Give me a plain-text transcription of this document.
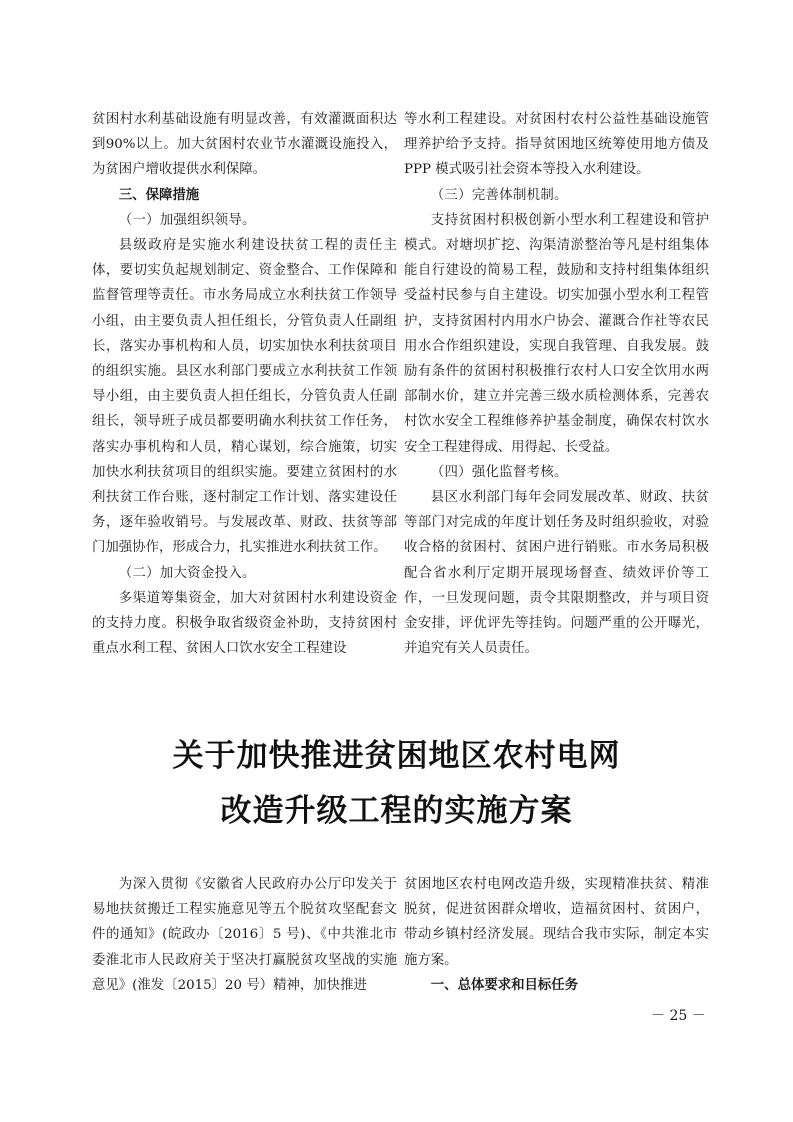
贫困村水利基础设施有明显改善，有效灌溉面积达到90%以上。加大贫困村农业节水灌溉设施投入，为贫困户增收提供水利保障。

三、保障措施

（一）加强组织领导。

县级政府是实施水利建设扶贫工程的责任主体，要切实负起规划制定、资金整合、工作保障和监督管理等责任。市水务局成立水利扶贫工作领导小组，由主要负责人担任组长，分管负责人任副组长，落实办事机构和人员，切实加快水利扶贫项目的组织实施。县区水利部门要成立水利扶贫工作领导小组，由主要负责人担任组长，分管负责人任副组长，领导班子成员都要明确水利扶贫工作任务，落实办事机构和人员，精心谋划，综合施策，切实加快水利扶贫项目的组织实施。要建立贫困村的水利扶贫工作台账，逐村制定工作计划、落实建设任务，逐年验收销号。与发展改革、财政、扶贫等部门加强协作，形成合力，扎实推进水利扶贫工作。

（二）加大资金投入。

多渠道筹集资金，加大对贫困村水利建设资金的支持力度。积极争取省级资金补助，支持贫困村重点水利工程、贫困人口饮水安全工程建设

等水利工程建设。对贫困村农村公益性基础设施管理养护给予支持。指导贫困地区统筹使用地方债及 PPP 模式吸引社会资本等投入水利建设。

（三）完善体制机制。

支持贫困村积极创新小型水利工程建设和管护模式。对塘坝扩挖、沟渠清淤整治等凡是村组集体能自行建设的简易工程，鼓励和支持村组集体组织受益村民参与自主建设。切实加强小型水利工程管护，支持贫困村内用水户协会、灌溉合作社等农民用水合作组织建设，实现自我管理、自我发展。鼓励有条件的贫困村积极推行农村人口安全饮用水两部制水价，建立并完善三级水质检测体系，完善农村饮水安全工程维修养护基金制度，确保农村饮水安全工程建得成、用得起、长受益。

（四）强化监督考核。

县区水利部门每年会同发展改革、财政、扶贫等部门对完成的年度计划任务及时组织验收，对验收合格的贫困村、贫困户进行销账。市水务局积极配合省水利厅定期开展现场督查、绩效评价等工作，一旦发现问题，责令其限期整改，并与项目资金安排，评优评先等挂钩。问题严重的公开曝光，并追究有关人员责任。

关于加快推进贫困地区农村电网
改造升级工程的实施方案

为深入贯彻《安徽省人民政府办公厅印发关于易地扶贫搬迁工程实施意见等五个脱贫攻坚配套文件的通知》(皖政办〔2016〕5 号)、《中共淮北市委淮北市人民政府关于坚决打赢脱贫攻坚战的实施意见》(淮发〔2015〕20 号）精神，加快推进

贫困地区农村电网改造升级，实现精准扶贫、精准脱贫，促进贫困群众增收，造福贫困村、贫困户，带动乡镇村经济发展。现结合我市实际，制定本实施方案。

一、总体要求和目标任务

－ 25 －
